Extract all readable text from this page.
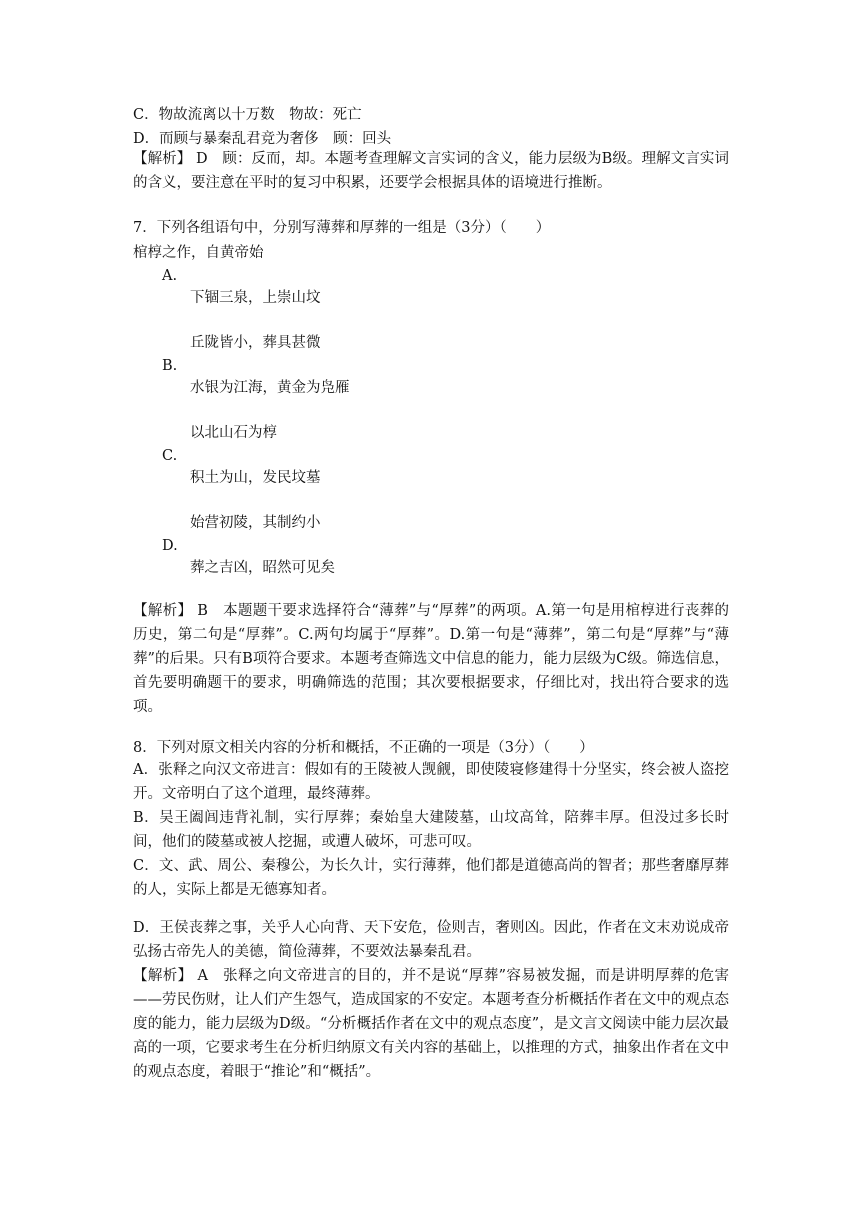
C．物故流离以十万数　物故：死亡
D．而顾与暴秦乱君竞为奢侈　顾：回头
【解析】 D　顾：反而，却。本题考查理解文言实词的含义，能力层级为B级。理解文言实词的含义，要注意在平时的复习中积累，还要学会根据具体的语境进行推断。
7．下列各组语句中，分别写薄葬和厚葬的一组是（3分）（　　）
棺椁之作，自黄帝始
A.
下锢三泉，上崇山坟
丘陇皆小，葬具甚微
B.
水银为江海，黄金为凫雁
以北山石为椁
C.
积土为山，发民坟墓
始营初陵，其制约小
D.
葬之吉凶，昭然可见矣
【解析】 B　本题题干要求选择符合“薄葬”与“厚葬”的两项。A.第一句是用棺椁进行丧葬的历史，第二句是“厚葬”。C.两句均属于“厚葬”。D.第一句是“薄葬”，第二句是“厚葬”与“薄葬”的后果。只有B项符合要求。本题考查筛选文中信息的能力，能力层级为C级。筛选信息，首先要明确题干的要求，明确筛选的范围；其次要根据要求，仔细比对，找出符合要求的选项。
8．下列对原文相关内容的分析和概括，不正确的一项是（3分）（　　）
A．张释之向汉文帝进言：假如有的王陵被人觊觎，即使陵寝修建得十分坚实，终会被人盗挖开。文帝明白了这个道理，最终薄葬。
B．吴王阖闾违背礼制，实行厚葬；秦始皇大建陵墓，山坟高耸，陪葬丰厚。但没过多长时间，他们的陵墓或被人挖掘，或遭人破坏，可悲可叹。
C．文、武、周公、秦穆公，为长久计，实行薄葬，他们都是道德高尚的智者；那些奢靡厚葬的人，实际上都是无德寡知者。
D．王侯丧葬之事，关乎人心向背、天下安危，俭则吉，奢则凶。因此，作者在文末劝说成帝弘扬古帝先人的美德，简俭薄葬，不要效法暴秦乱君。
【解析】 A　张释之向文帝进言的目的，并不是说“厚葬”容易被发掘，而是讲明厚葬的危害——劳民伤财，让人们产生怨气，造成国家的不安定。本题考查分析概括作者在文中的观点态度的能力，能力层级为D级。“分析概括作者在文中的观点态度”，是文言文阅读中能力层次最高的一项，它要求考生在分析归纳原文有关内容的基础上，以推理的方式，抽象出作者在文中的观点态度，着眼于“推论”和“概括”。
